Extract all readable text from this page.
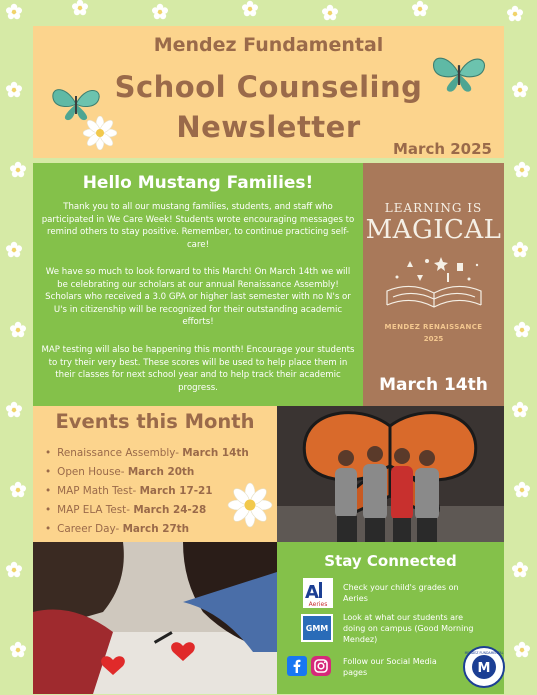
Mendez Fundamental
School Counseling
Newsletter
March 2025
Hello Mustang Families!

Thank you to all our mustang families, students, and staff who participated in We Care Week! Students wrote encouraging messages to remind others to stay positive. Remember, to continue practicing self-care!

We have so much to look forward to this March! On March 14th we will be celebrating our scholars at our annual Renaissance Assembly! Scholars who received a 3.0 GPA or higher last semester with no N's or U's in citizenship will be recognized for their outstanding academic efforts!

MAP testing will also be happening this month! Encourage your students to try their very best. These scores will be used to help place them in their classes for next school year and to help track their academic progress.

LEARNING IS
MAGICAL
MENDEZ RENAISSANCE
2025
March 14th
Events this Month
• Renaissance Assembly- March 14th
• Open House- March 20th
• MAP Math Test- March 17-21
• MAP ELA Test- March 24-28
• Career Day- March 27th
Stay Connected
A
Aeries
Check your child's grades on Aeries
GMM
Look at what our students are doing on campus (Good Morning Mendez)
Follow our Social Media pages	M
MENDEZ FUNDAMENTAL
